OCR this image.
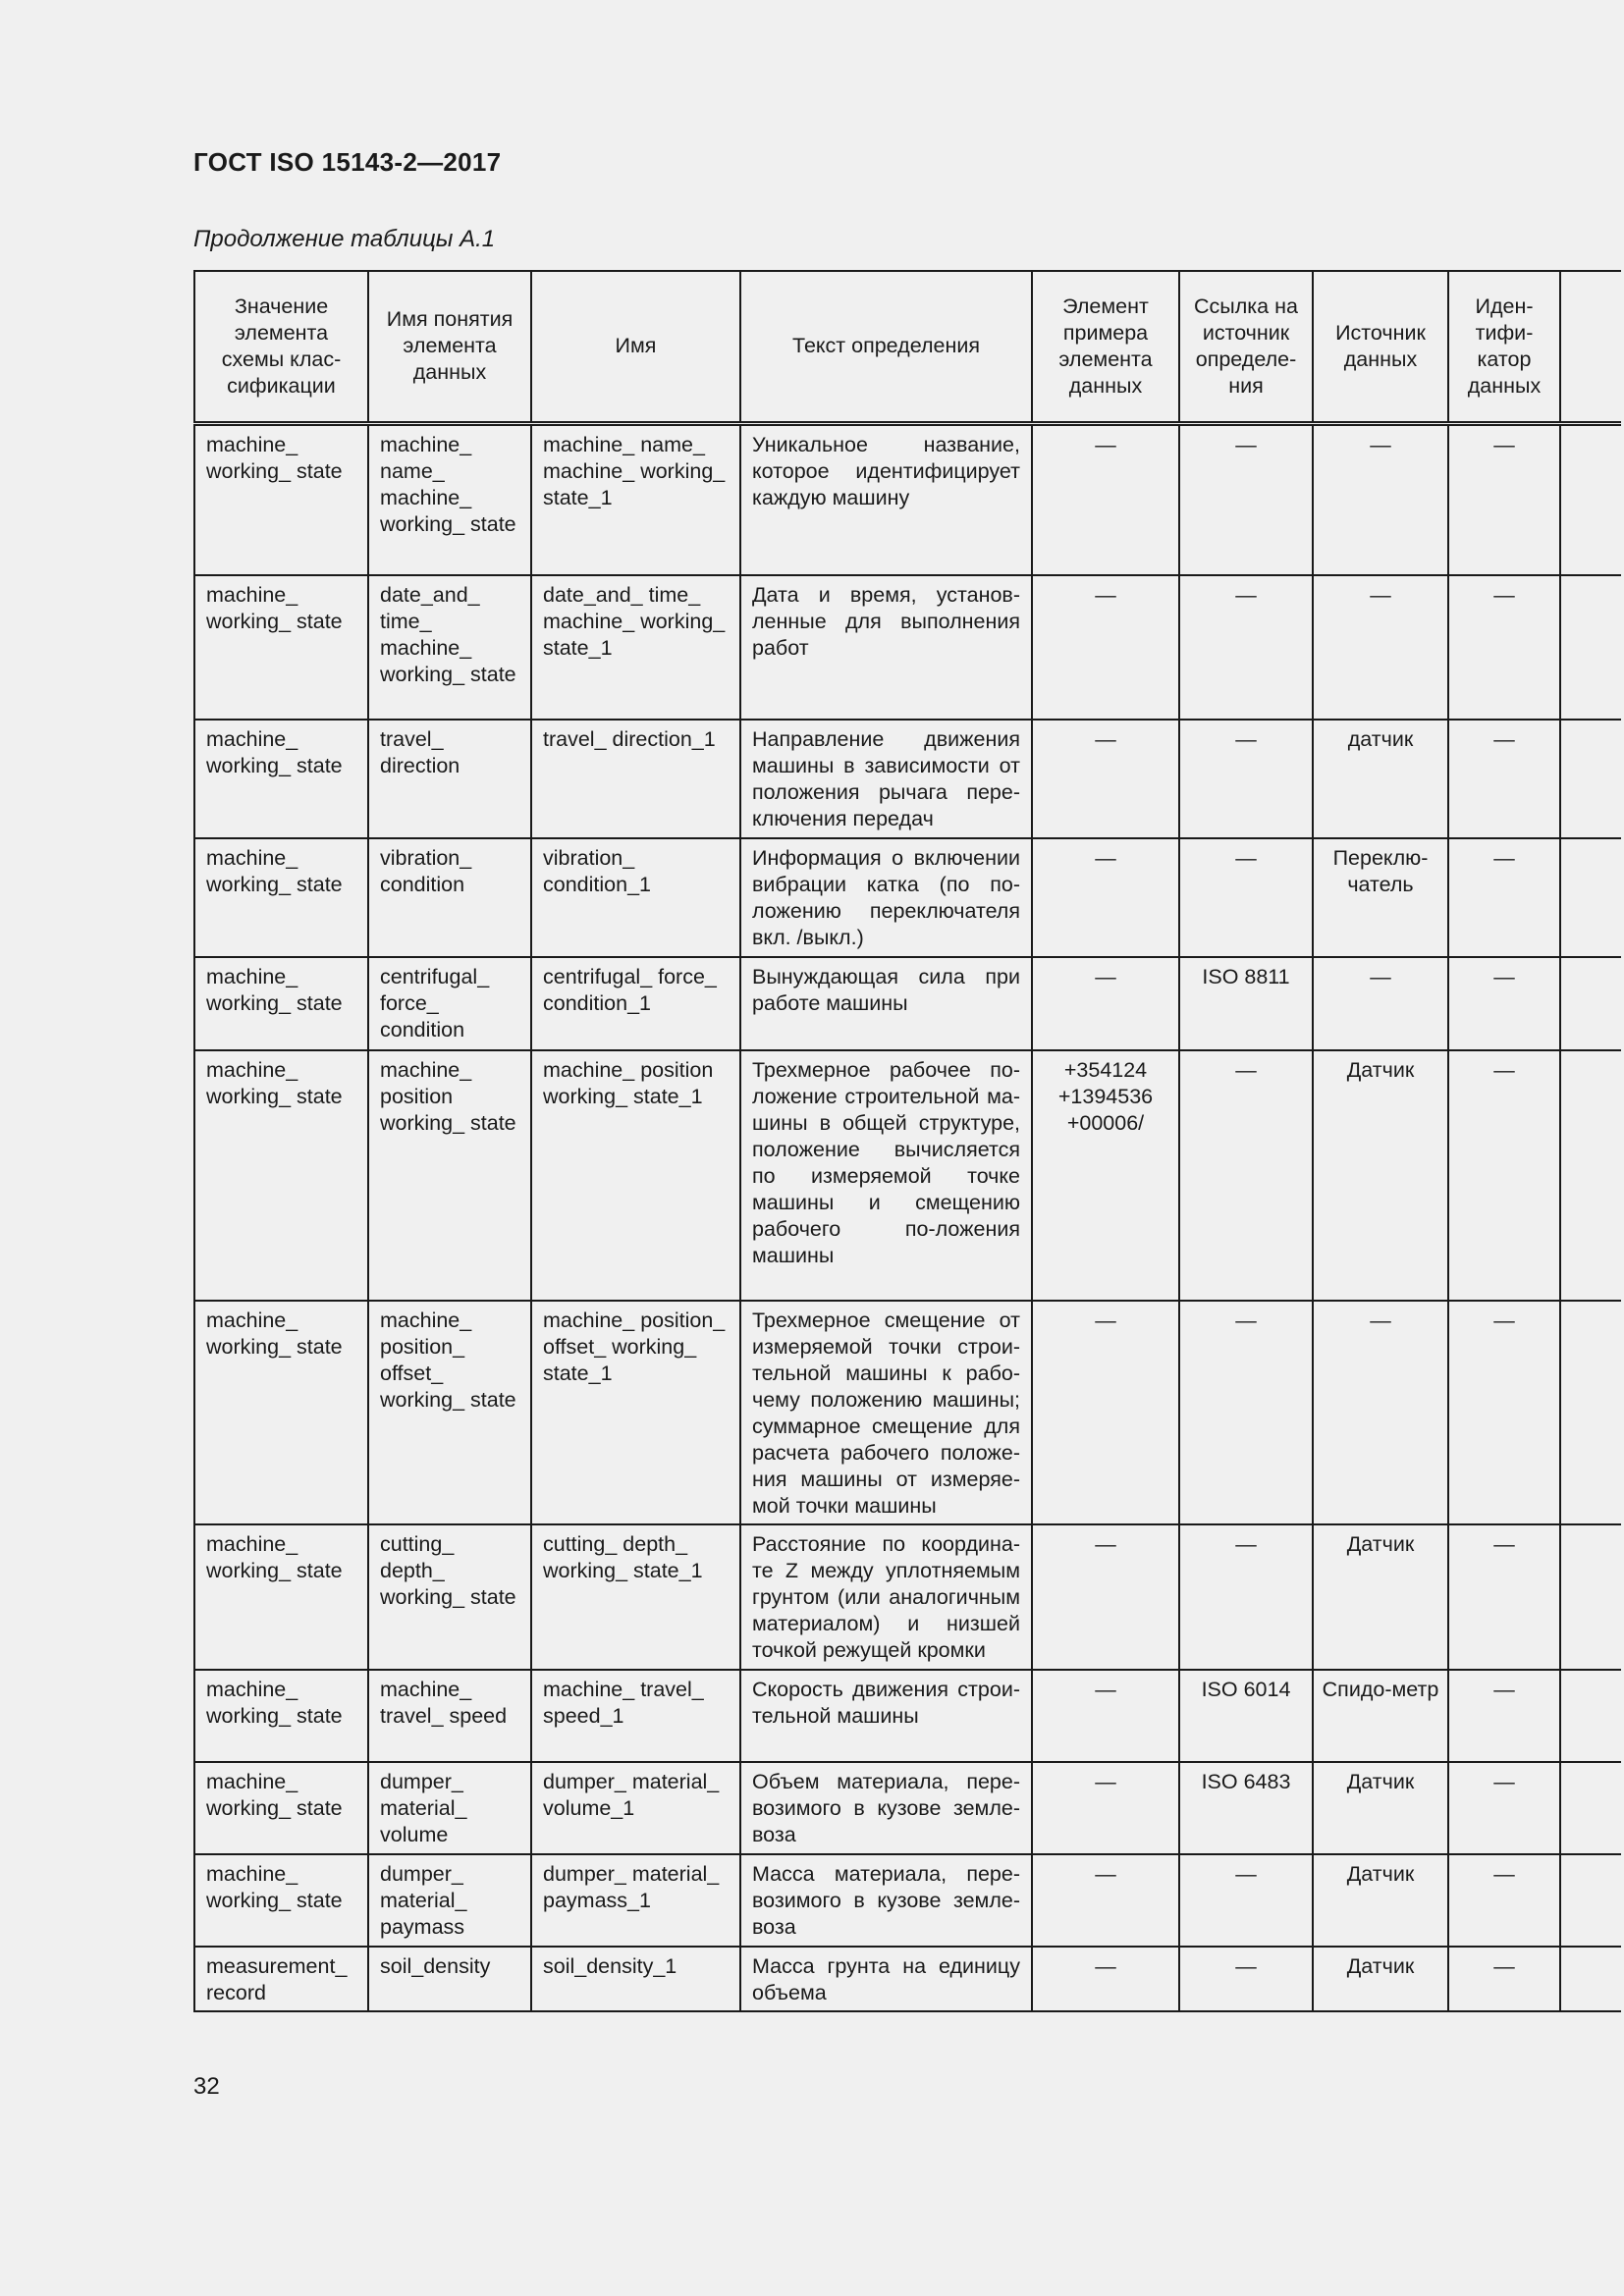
ГОСТ ISO 15143-2—2017
Продолжение таблицы А.1
Значение элемента схемы клас-сификации	Имя понятия элемента данных	Имя	Текст определения	Элемент примера элемента данных	Ссылка на источник определе-ния	Источник данных	Иден-тифи-катор данных	
machine_ working_ state	machine_ name_ machine_ working_ state	machine_ name_ machine_ working_ state_1	Уникальное название, которое идентифицирует каждую машину	—	—	—	—	
machine_ working_ state	date_and_ time_ machine_ working_ state	date_and_ time_ machine_ working_ state_1	Дата и время, установ-ленные для выполнения работ	—	—	—	—	
machine_ working_ state	travel_ direction	travel_ direction_1	Направление движения машины в зависимости от положения рычага пере-ключения передач	—	—	датчик	—	
machine_ working_ state	vibration_ condition	vibration_ condition_1	Информация о включении вибрации катка (по по-ложению переключателя вкл. /выкл.)	—	—	Переклю-чатель	—	
machine_ working_ state	centrifugal_ force_ condition	centrifugal_ force_ condition_1	Вынуждающая сила при работе машины	—	ISO 8811	—	—	
machine_ working_ state	machine_ position working_ state	machine_ position working_ state_1	Трехмерное рабочее по-ложение строительной ма-шины в общей структуре, положение вычисляется по измеряемой точке машины и смещению рабочего по-ложения машины	+354124 +1394536 +00006/	—	Датчик	—	
machine_ working_ state	machine_ position_ offset_ working_ state	machine_ position_ offset_ working_ state_1	Трехмерное смещение от измеряемой точки строи-тельной машины к рабо-чему положению машины; суммарное смещение для расчета рабочего положе-ния машины от измеряе-мой точки машины	—	—	—	—	
machine_ working_ state	cutting_ depth_ working_ state	cutting_ depth_ working_ state_1	Расстояние по координа-те Z между уплотняемым грунтом (или аналогичным материалом) и низшей точкой режущей кромки	—	—	Датчик	—	
machine_ working_ state	machine_ travel_ speed	machine_ travel_ speed_1	Скорость движения строи-тельной машины	—	ISO 6014	Спидо-метр	—	
machine_ working_ state	dumper_ material_ volume	dumper_ material_ volume_1	Объем материала, пере-возимого в кузове земле-воза	—	ISO 6483	Датчик	—	
machine_ working_ state	dumper_ material_ paymass	dumper_ material_ paymass_1	Масса материала, пере-возимого в кузове земле-воза	—	—	Датчик	—	
measurement_ record	soil_density	soil_density_1	Масса грунта на единицу объема	—	—	Датчик	—	
32
